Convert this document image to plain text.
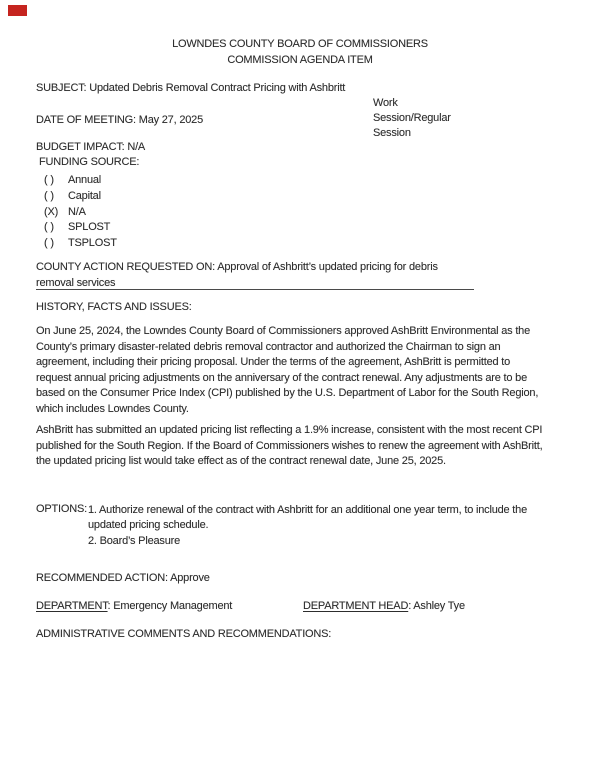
LOWNDES COUNTY BOARD OF COMMISSIONERS
COMMISSION AGENDA ITEM
SUBJECT: Updated Debris Removal Contract Pricing with Ashbritt
Work
Session/Regular
Session
DATE OF MEETING: May 27, 2025
BUDGET IMPACT: N/A
FUNDING SOURCE:
( ) Annual
( ) Capital
(X) N/A
( ) SPLOST
( ) TSPLOST
COUNTY ACTION REQUESTED ON: Approval of Ashbritt’s updated pricing for debris
removal services
HISTORY, FACTS AND ISSUES:
On June 25, 2024, the Lowndes County Board of Commissioners approved AshBritt Environmental as the
County’s primary disaster-related debris removal contractor and authorized the Chairman to sign an
agreement, including their pricing proposal. Under the terms of the agreement, AshBritt is permitted to
request annual pricing adjustments on the anniversary of the contract renewal. Any adjustments are to be
based on the Consumer Price Index (CPI) published by the U.S. Department of Labor for the South Region,
which includes Lowndes County.
AshBritt has submitted an updated pricing list reflecting a 1.9% increase, consistent with the most recent CPI
published for the South Region. If the Board of Commissioners wishes to renew the agreement with AshBritt,
the updated pricing list would take effect as of the contract renewal date, June 25, 2025.
OPTIONS: 1. Authorize renewal of the contract with Ashbritt for an additional one year term, to include the
updated pricing schedule.
2. Board’s Pleasure
RECOMMENDED ACTION: Approve
DEPARTMENT: Emergency Management	DEPARTMENT HEAD: Ashley Tye
ADMINISTRATIVE COMMENTS AND RECOMMENDATIONS:
